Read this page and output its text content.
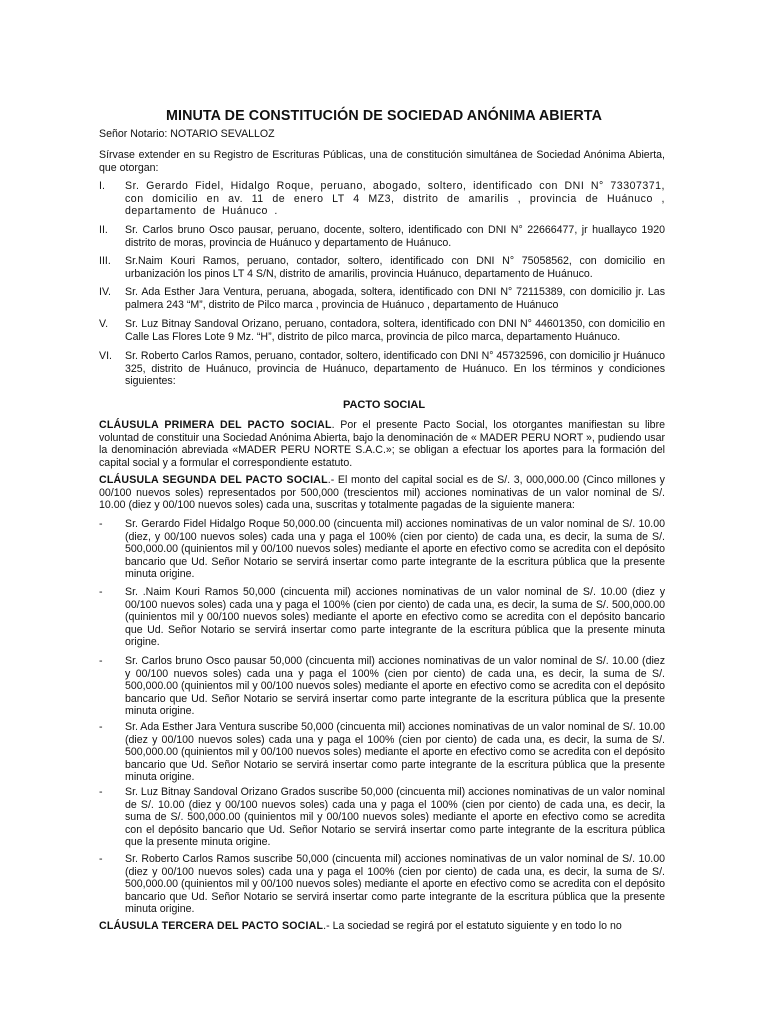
MINUTA DE CONSTITUCIÓN DE SOCIEDAD ANÓNIMA ABIERTA
Señor Notario: NOTARIO SEVALLOZ
Sírvase extender en su Registro de Escrituras Públicas, una de constitución simultánea de Sociedad Anónima Abierta, que otorgan:
I. Sr. Gerardo Fidel, Hidalgo Roque, peruano, abogado, soltero, identificado con DNI N° 73307371, con domicilio en av. 11 de enero LT 4 MZ3, distrito de amarilis , provincia de Huánuco , departamento de Huánuco .
II. Sr. Carlos bruno Osco pausar, peruano, docente, soltero, identificado con DNI N° 22666477, jr huallayco 1920 distrito de moras, provincia de Huánuco y departamento de Huánuco.
III. Sr.Naim Kouri Ramos, peruano, contador, soltero, identificado con DNI N° 75058562, con domicilio en urbanización los pinos LT 4 S/N, distrito de amarilis, provincia Huánuco, departamento de Huánuco.
IV. Sr. Ada Esther Jara Ventura, peruana, abogada, soltera, identificado con DNI N° 72115389, con domicilio jr. Las palmera 243 “M”, distrito de Pilco marca , provincia de Huánuco , departamento de Huánuco
V. Sr. Luz Bitnay Sandoval Orizano, peruano, contadora, soltera, identificado con DNI N° 44601350, con domicilio en Calle Las Flores Lote 9 Mz. “H”, distrito de pilco marca, provincia de pilco marca, departamento Huánuco.
VI. Sr. Roberto Carlos Ramos, peruano, contador, soltero, identificado con DNI N° 45732596, con domicilio jr Huánuco 325, distrito de Huánuco, provincia de Huánuco, departamento de Huánuco. En los términos y condiciones siguientes:
PACTO SOCIAL
CLÁUSULA PRIMERA DEL PACTO SOCIAL. Por el presente Pacto Social, los otorgantes manifiestan su libre voluntad de constituir una Sociedad Anónima Abierta, bajo la denominación de « MADER PERU NORT », pudiendo usar la denominación abreviada «MADER PERU NORTE S.A.C.»; se obligan a efectuar los aportes para la formación del capital social y a formular el correspondiente estatuto.
CLÁUSULA SEGUNDA DEL PACTO SOCIAL.- El monto del capital social es de S/. 3, 000,000.00 (Cinco millones y 00/100 nuevos soles) representados por 500,000 (trescientos mil) acciones nominativas de un valor nominal de S/. 10.00 (diez y 00/100 nuevos soles) cada una, suscritas y totalmente pagadas de la siguiente manera:
- Sr. Gerardo Fidel Hidalgo Roque 50,000.00 (cincuenta mil) acciones nominativas de un valor nominal de S/. 10.00 (diez, y 00/100 nuevos soles) cada una y paga el 100% (cien por ciento) de cada una, es decir, la suma de S/. 500,000.00 (quinientos mil y 00/100 nuevos soles) mediante el aporte en efectivo como se acredita con el depósito bancario que Ud. Señor Notario se servirá insertar como parte integrante de la escritura pública que la presente minuta origine.
- Sr. .Naim Kouri Ramos 50,000 (cincuenta mil) acciones nominativas de un valor nominal de S/. 10.00 (diez y 00/100 nuevos soles) cada una y paga el 100% (cien por ciento) de cada una, es decir, la suma de S/. 500,000.00 (quinientos mil y 00/100 nuevos soles) mediante el aporte en efectivo como se acredita con el depósito bancario que Ud. Señor Notario se servirá insertar como parte integrante de la escritura pública que la presente minuta origine.
- Sr. Carlos bruno Osco pausar 50,000 (cincuenta mil) acciones nominativas de un valor nominal de S/. 10.00 (diez y 00/100 nuevos soles) cada una y paga el 100% (cien por ciento) de cada una, es decir, la suma de S/. 500,000.00 (quinientos mil y 00/100 nuevos soles) mediante el aporte en efectivo como se acredita con el depósito bancario que Ud. Señor Notario se servirá insertar como parte integrante de la escritura pública que la presente minuta origine.
- Sr. Ada Esther Jara Ventura suscribe 50,000 (cincuenta mil) acciones nominativas de un valor nominal de S/. 10.00 (diez y 00/100 nuevos soles) cada una y paga el 100% (cien por ciento) de cada una, es decir, la suma de S/. 500,000.00 (quinientos mil y 00/100 nuevos soles) mediante el aporte en efectivo como se acredita con el depósito bancario que Ud. Señor Notario se servirá insertar como parte integrante de la escritura pública que la presente minuta origine.
- Sr. Luz Bitnay Sandoval Orizano Grados suscribe 50,000 (cincuenta mil) acciones nominativas de un valor nominal de S/. 10.00 (diez y 00/100 nuevos soles) cada una y paga el 100% (cien por ciento) de cada una, es decir, la suma de S/. 500,000.00 (quinientos mil y 00/100 nuevos soles) mediante el aporte en efectivo como se acredita con el depósito bancario que Ud. Señor Notario se servirá insertar como parte integrante de la escritura pública que la presente minuta origine.
- Sr. Roberto Carlos Ramos suscribe 50,000 (cincuenta mil) acciones nominativas de un valor nominal de S/. 10.00 (diez y 00/100 nuevos soles) cada una y paga el 100% (cien por ciento) de cada una, es decir, la suma de S/. 500,000.00 (quinientos mil y 00/100 nuevos soles) mediante el aporte en efectivo como se acredita con el depósito bancario que Ud. Señor Notario se servirá insertar como parte integrante de la escritura pública que la presente minuta origine.
CLÁUSULA TERCERA DEL PACTO SOCIAL.- La sociedad se regirá por el estatuto siguiente y en todo lo no
